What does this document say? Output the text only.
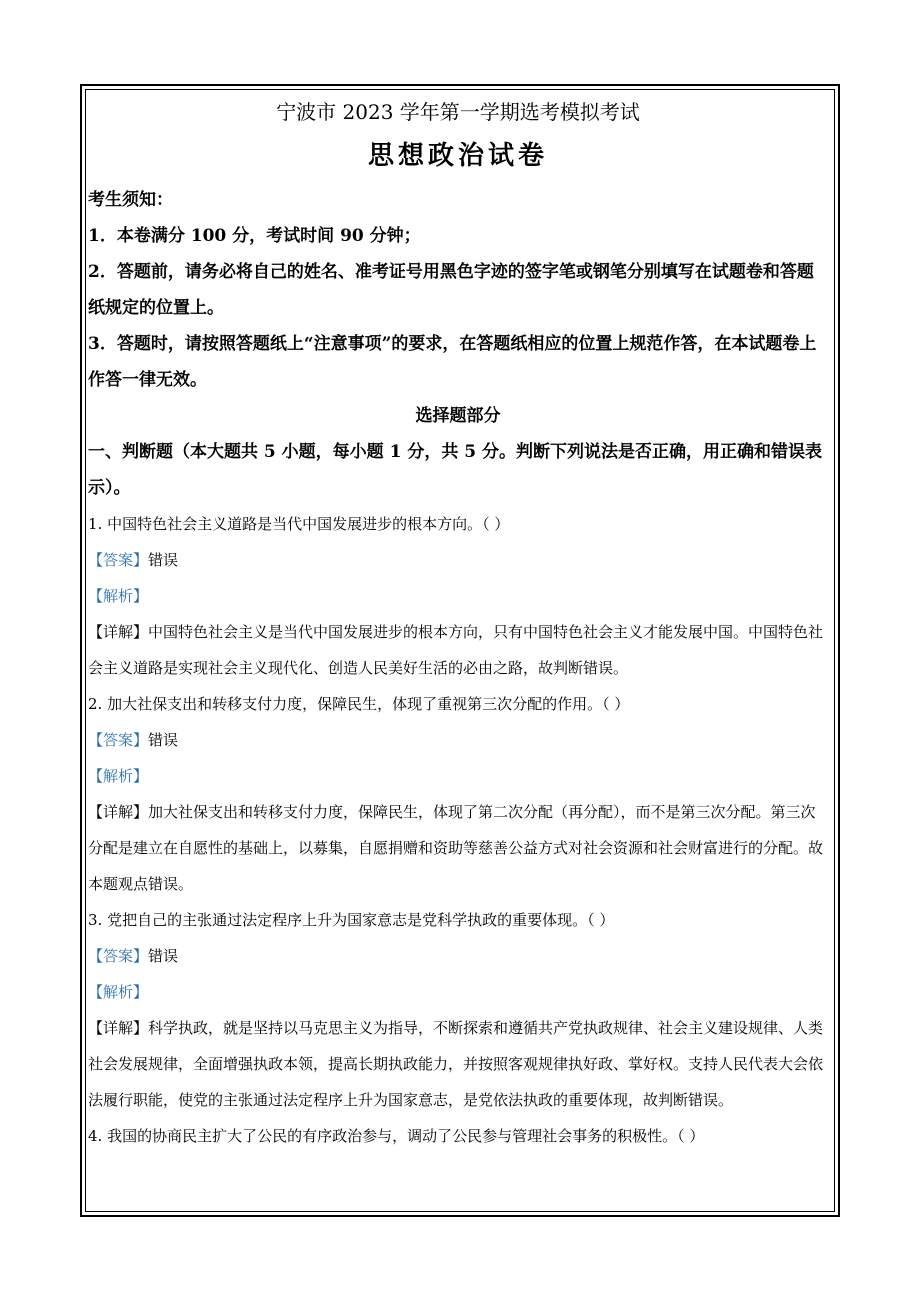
宁波市 2023 学年第一学期选考模拟考试

思想政治试卷

考生须知：

1．本卷满分 100 分，考试时间 90 分钟；

2．答题前，请务必将自己的姓名、准考证号用黑色字迹的签字笔或钢笔分别填写在试题卷和答题纸规定的位置上。

3．答题时，请按照答题纸上“注意事项”的要求，在答题纸相应的位置上规范作答，在本试题卷上作答一律无效。

选择题部分

一、判断题（本大题共 5 小题，每小题 1 分，共 5 分。判断下列说法是否正确，用正确和错误表示）。

1. 中国特色社会主义道路是当代中国发展进步的根本方向。（ ）

【答案】错误

【解析】

【详解】中国特色社会主义是当代中国发展进步的根本方向，只有中国特色社会主义才能发展中国。中国特色社会主义道路是实现社会主义现代化、创造人民美好生活的必由之路，故判断错误。

2. 加大社保支出和转移支付力度，保障民生，体现了重视第三次分配的作用。（ ）

【答案】错误

【解析】

【详解】加大社保支出和转移支付力度，保障民生，体现了第二次分配（再分配），而不是第三次分配。第三次分配是建立在自愿性的基础上，以募集，自愿捐赠和资助等慈善公益方式对社会资源和社会财富进行的分配。故本题观点错误。

3. 党把自己的主张通过法定程序上升为国家意志是党科学执政的重要体现。（ ）

【答案】错误

【解析】

【详解】科学执政，就是坚持以马克思主义为指导，不断探索和遵循共产党执政规律、社会主义建设规律、人类社会发展规律，全面增强执政本领，提高长期执政能力，并按照客观规律执好政、掌好权。支持人民代表大会依法履行职能，使党的主张通过法定程序上升为国家意志，是党依法执政的重要体现，故判断错误。

4. 我国的协商民主扩大了公民的有序政治参与，调动了公民参与管理社会事务的积极性。（ ）
